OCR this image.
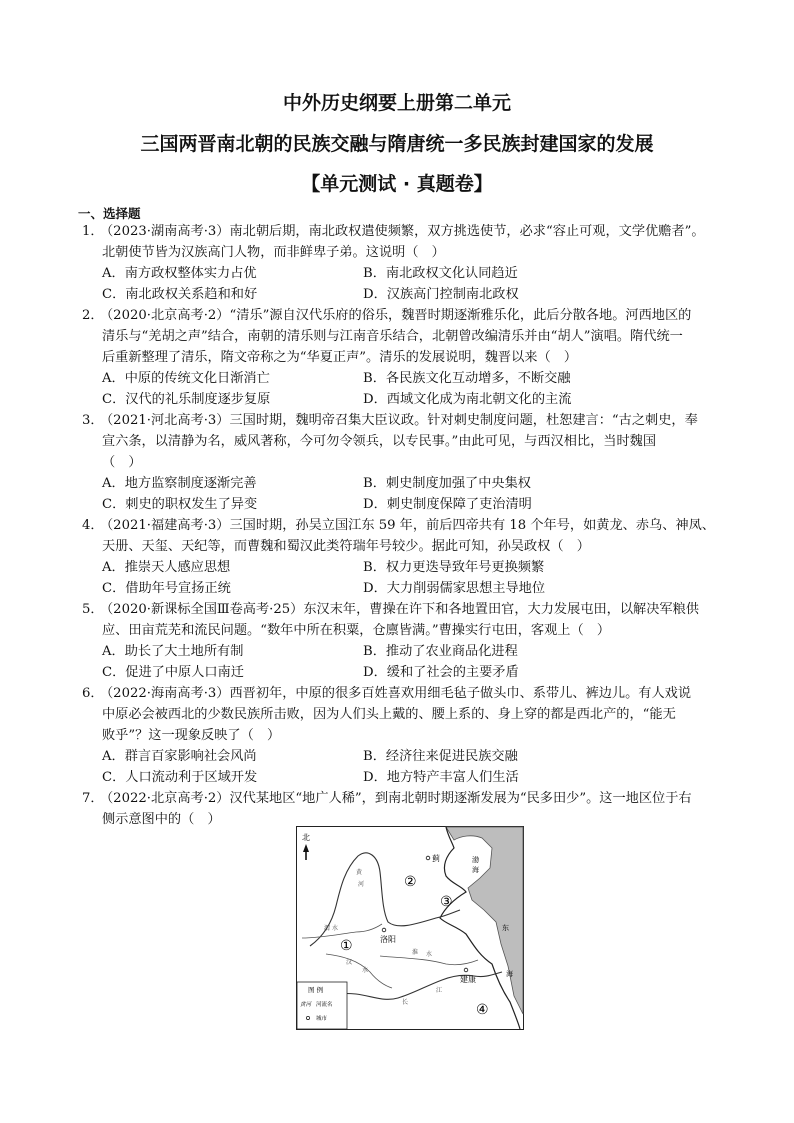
中外历史纲要上册第二单元
三国两晋南北朝的民族交融与隋唐统一多民族封建国家的发展
【单元测试 · 真题卷】
一、选择题
1．（2023·湖南高考·3）南北朝后期，南北政权遣使频繁，双方挑选使节，必求“容止可观，文学优赡者”。
北朝使节皆为汉族高门人物，而非鲜卑子弟。这说明（　）
A．南方政权整体实力占优	B．南北政权文化认同趋近
C．南北政权关系趋和和好	D．汉族高门控制南北政权
2．（2020·北京高考·2）“清乐”源自汉代乐府的俗乐，魏晋时期逐渐雅乐化，此后分散各地。河西地区的
清乐与“羌胡之声”结合，南朝的清乐则与江南音乐结合，北朝曾改编清乐并由“胡人”演唱。隋代统一
后重新整理了清乐，隋文帝称之为“华夏正声”。清乐的发展说明，魏晋以来（　）
A．中原的传统文化日渐消亡	B．各民族文化互动增多，不断交融
C．汉代的礼乐制度逐步复原	D．西域文化成为南北朝文化的主流
3．（2021·河北高考·3）三国时期，魏明帝召集大臣议政。针对刺史制度问题，杜恕建言：“古之刺史，奉
宣六条，以清静为名，威风著称，今可勿令领兵，以专民事。”由此可见，与西汉相比，当时魏国
（　）
A．地方监察制度逐渐完善	B．刺史制度加强了中央集权
C．刺史的职权发生了异变	D．刺史制度保障了吏治清明
4．（2021·福建高考·3）三国时期，孙吴立国江东 59 年，前后四帝共有 18 个年号，如黄龙、赤乌、神凤、
天册、天玺、天纪等，而曹魏和蜀汉此类符瑞年号较少。据此可知，孙吴政权（　）
A．推崇天人感应思想	B．权力更迭导致年号更换频繁
C．借助年号宣扬正统	D．大力削弱儒家思想主导地位
5．（2020·新课标全国Ⅲ卷高考·25）东汉末年，曹操在许下和各地置田官，大力发展屯田，以解决军粮供
应、田亩荒芜和流民问题。“数年中所在积粟，仓廪皆满。”曹操实行屯田，客观上（　）
A．助长了大土地所有制	B．推动了农业商品化进程
C．促进了中原人口南迁	D．缓和了社会的主要矛盾
6．（2022·海南高考·3）西晋初年，中原的很多百姓喜欢用细毛毡子做头巾、系带儿、裤边儿。有人戏说
中原必会被西北的少数民族所击败，因为人们头上戴的、腰上系的、身上穿的都是西北产的，“能无
败乎”？这一现象反映了（　）
A．群言百家影响社会风尚	B．经济往来促进民族交融
C．人口流动利于区域开发	D．地方特产丰富人们生活
7．（2022·北京高考·2）汉代某地区“地广人稀”，到南北朝时期逐渐发展为“民多田少”。这一地区位于右
侧示意图中的（　）
北
蓟
洛阳
建康
①
②
③
④
黄
河
渭 水
汉
水
淮 水
长
江
渤
海
东
海
图 例
黄河 河流名
城市
